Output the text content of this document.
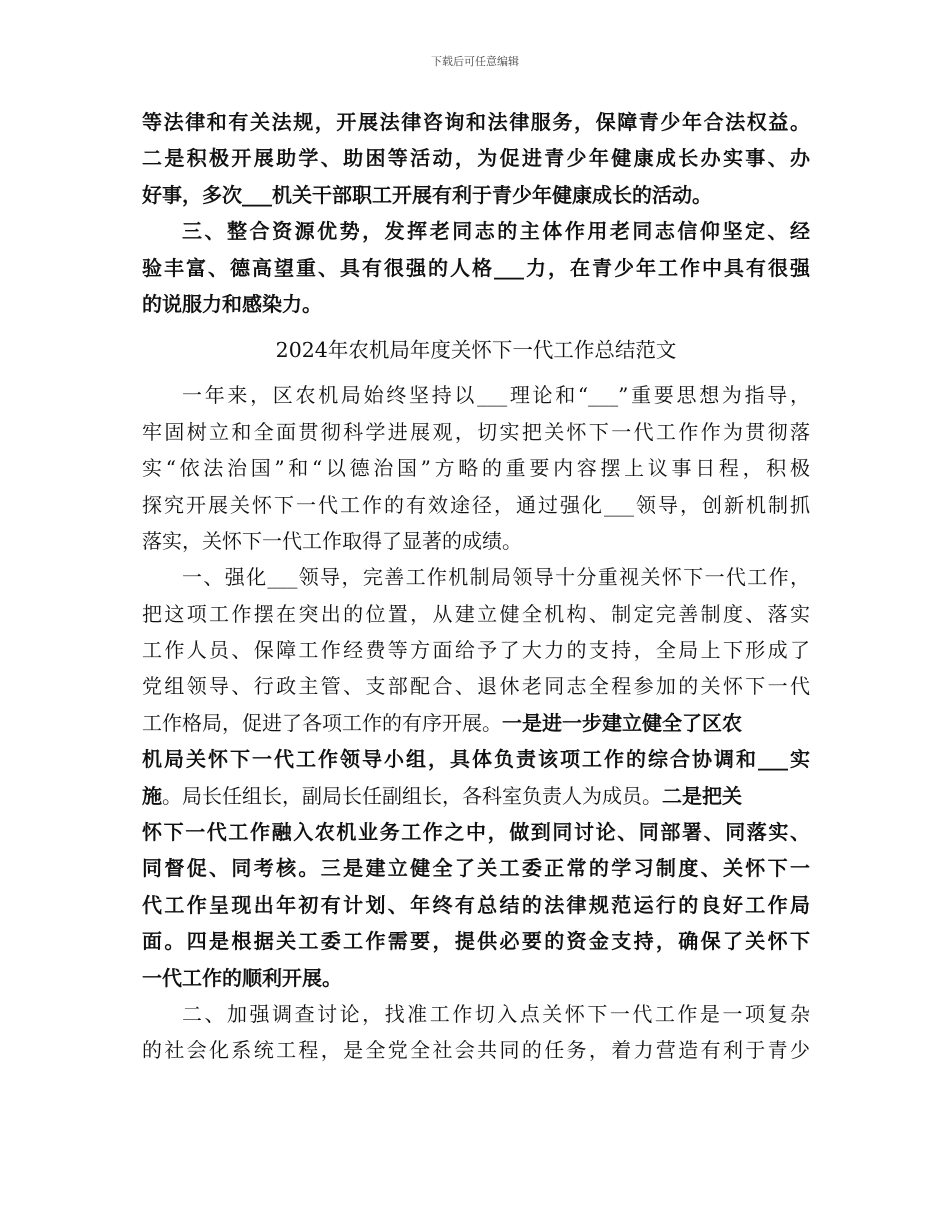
下载后可任意编辑
等法律和有关法规，开展法律咨询和法律服务，保障青少年合法权益。
二是积极开展助学、助困等活动，为促进青少年健康成长办实事、办
好事，多次___机关干部职工开展有利于青少年健康成长的活动。
三、整合资源优势，发挥老同志的主体作用老同志信仰坚定、经
验丰富、德高望重、具有很强的人格___力，在青少年工作中具有很强
的说服力和感染力。
2024年农机局年度关怀下一代工作总结范文
一年来，区农机局始终坚持以___理论和“___”重要思想为指导，
牢固树立和全面贯彻科学进展观，切实把关怀下一代工作作为贯彻落
实“依法治国”和“以德治国”方略的重要内容摆上议事日程，积极
探究开展关怀下一代工作的有效途径，通过强化___领导，创新机制抓
落实，关怀下一代工作取得了显著的成绩。
一、强化___领导，完善工作机制局领导十分重视关怀下一代工作，
把这项工作摆在突出的位置，从建立健全机构、制定完善制度、落实
工作人员、保障工作经费等方面给予了大力的支持，全局上下形成了
党组领导、行政主管、支部配合、退休老同志全程参加的关怀下一代
工作格局，促进了各项工作的有序开展。一是进一步建立健全了区农
机局关怀下一代工作领导小组，具体负责该项工作的综合协调和___实
施。局长任组长，副局长任副组长，各科室负责人为成员。二是把关
怀下一代工作融入农机业务工作之中，做到同讨论、同部署、同落实、
同督促、同考核。三是建立健全了关工委正常的学习制度、关怀下一
代工作呈现出年初有计划、年终有总结的法律规范运行的良好工作局
面。四是根据关工委工作需要，提供必要的资金支持，确保了关怀下
一代工作的顺利开展。
二、加强调查讨论，找准工作切入点关怀下一代工作是一项复杂
的社会化系统工程，是全党全社会共同的任务，着力营造有利于青少
